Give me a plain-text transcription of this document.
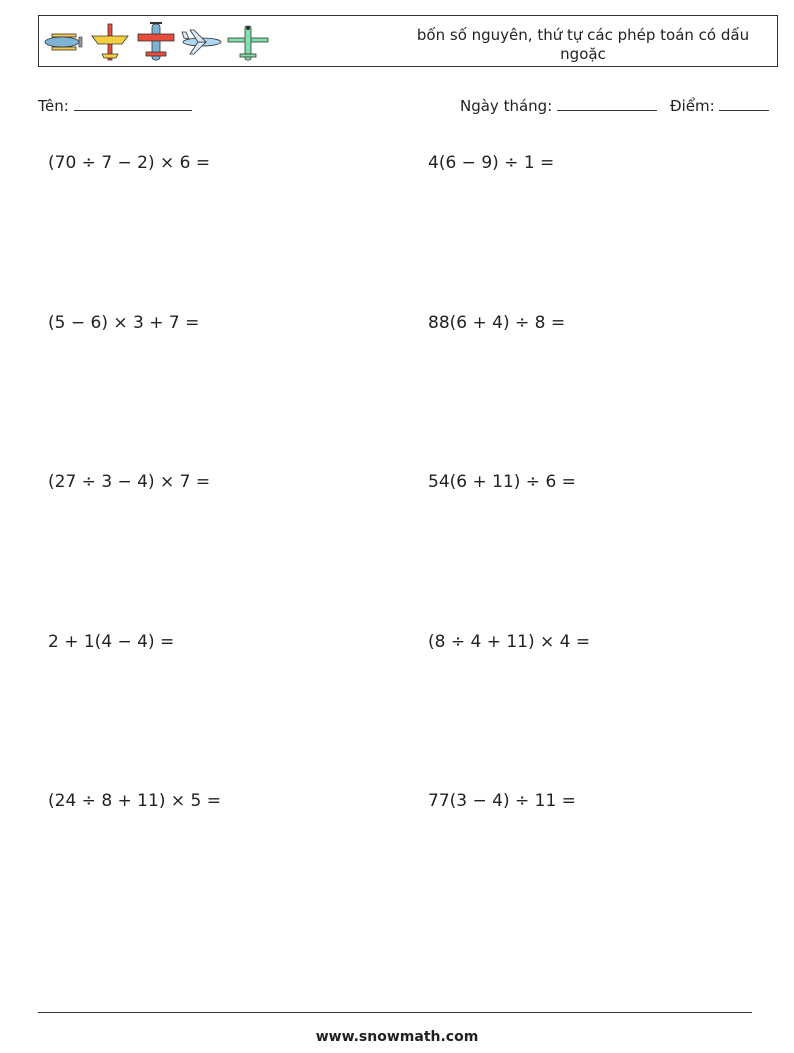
bốn số nguyên, thứ tự các phép toán có dấu ngoặc
Tên:	Ngày tháng:	Điểm:
(70 ÷ 7 − 2) × 6 =	4(6 − 9) ÷ 1 =
(5 − 6) × 3 + 7 =	88(6 + 4) ÷ 8 =
(27 ÷ 3 − 4) × 7 =	54(6 + 11) ÷ 6 =
2 + 1(4 − 4) =	(8 ÷ 4 + 11) × 4 =
(24 ÷ 8 + 11) × 5 =	77(3 − 4) ÷ 11 =
www.snowmath.com
